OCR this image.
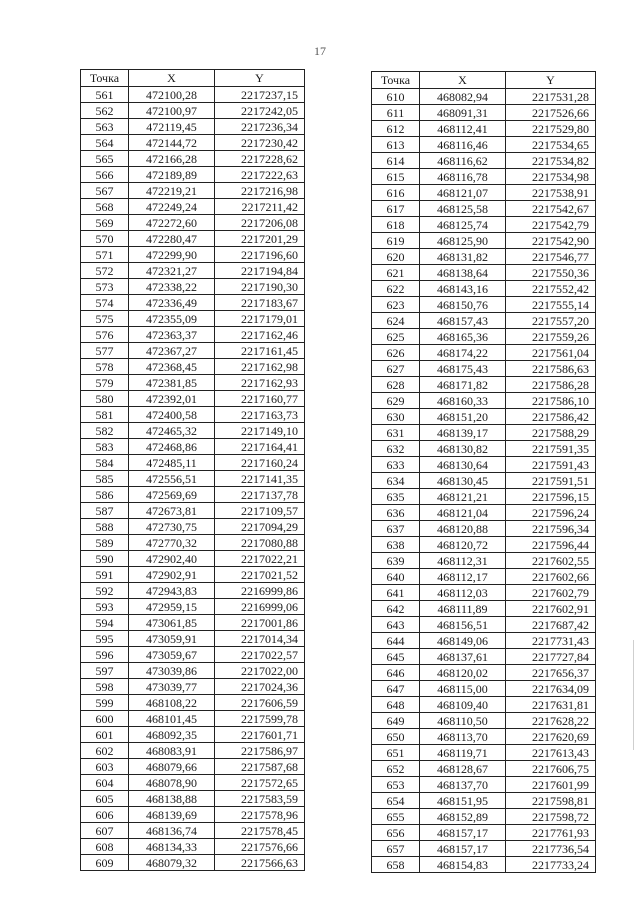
17
Точка	X	Y
561	472100,28	2217237,15
562	472100,97	2217242,05
563	472119,45	2217236,34
564	472144,72	2217230,42
565	472166,28	2217228,62
566	472189,89	2217222,63
567	472219,21	2217216,98
568	472249,24	2217211,42
569	472272,60	2217206,08
570	472280,47	2217201,29
571	472299,90	2217196,60
572	472321,27	2217194,84
573	472338,22	2217190,30
574	472336,49	2217183,67
575	472355,09	2217179,01
576	472363,37	2217162,46
577	472367,27	2217161,45
578	472368,45	2217162,98
579	472381,85	2217162,93
580	472392,01	2217160,77
581	472400,58	2217163,73
582	472465,32	2217149,10
583	472468,86	2217164,41
584	472485,11	2217160,24
585	472556,51	2217141,35
586	472569,69	2217137,78
587	472673,81	2217109,57
588	472730,75	2217094,29
589	472770,32	2217080,88
590	472902,40	2217022,21
591	472902,91	2217021,52
592	472943,83	2216999,86
593	472959,15	2216999,06
594	473061,85	2217001,86
595	473059,91	2217014,34
596	473059,67	2217022,57
597	473039,86	2217022,00
598	473039,77	2217024,36
599	468108,22	2217606,59
600	468101,45	2217599,78
601	468092,35	2217601,71
602	468083,91	2217586,97
603	468079,66	2217587,68
604	468078,90	2217572,65
605	468138,88	2217583,59
606	468139,69	2217578,96
607	468136,74	2217578,45
608	468134,33	2217576,66
609	468079,32	2217566,63
Точка	X	Y
610	468082,94	2217531,28
611	468091,31	2217526,66
612	468112,41	2217529,80
613	468116,46	2217534,65
614	468116,62	2217534,82
615	468116,78	2217534,98
616	468121,07	2217538,91
617	468125,58	2217542,67
618	468125,74	2217542,79
619	468125,90	2217542,90
620	468131,82	2217546,77
621	468138,64	2217550,36
622	468143,16	2217552,42
623	468150,76	2217555,14
624	468157,43	2217557,20
625	468165,36	2217559,26
626	468174,22	2217561,04
627	468175,43	2217586,63
628	468171,82	2217586,28
629	468160,33	2217586,10
630	468151,20	2217586,42
631	468139,17	2217588,29
632	468130,82	2217591,35
633	468130,64	2217591,43
634	468130,45	2217591,51
635	468121,21	2217596,15
636	468121,04	2217596,24
637	468120,88	2217596,34
638	468120,72	2217596,44
639	468112,31	2217602,55
640	468112,17	2217602,66
641	468112,03	2217602,79
642	468111,89	2217602,91
643	468156,51	2217687,42
644	468149,06	2217731,43
645	468137,61	2217727,84
646	468120,02	2217656,37
647	468115,00	2217634,09
648	468109,40	2217631,81
649	468110,50	2217628,22
650	468113,70	2217620,69
651	468119,71	2217613,43
652	468128,67	2217606,75
653	468137,70	2217601,99
654	468151,95	2217598,81
655	468152,89	2217598,72
656	468157,17	2217761,93
657	468157,17	2217736,54
658	468154,83	2217733,24
